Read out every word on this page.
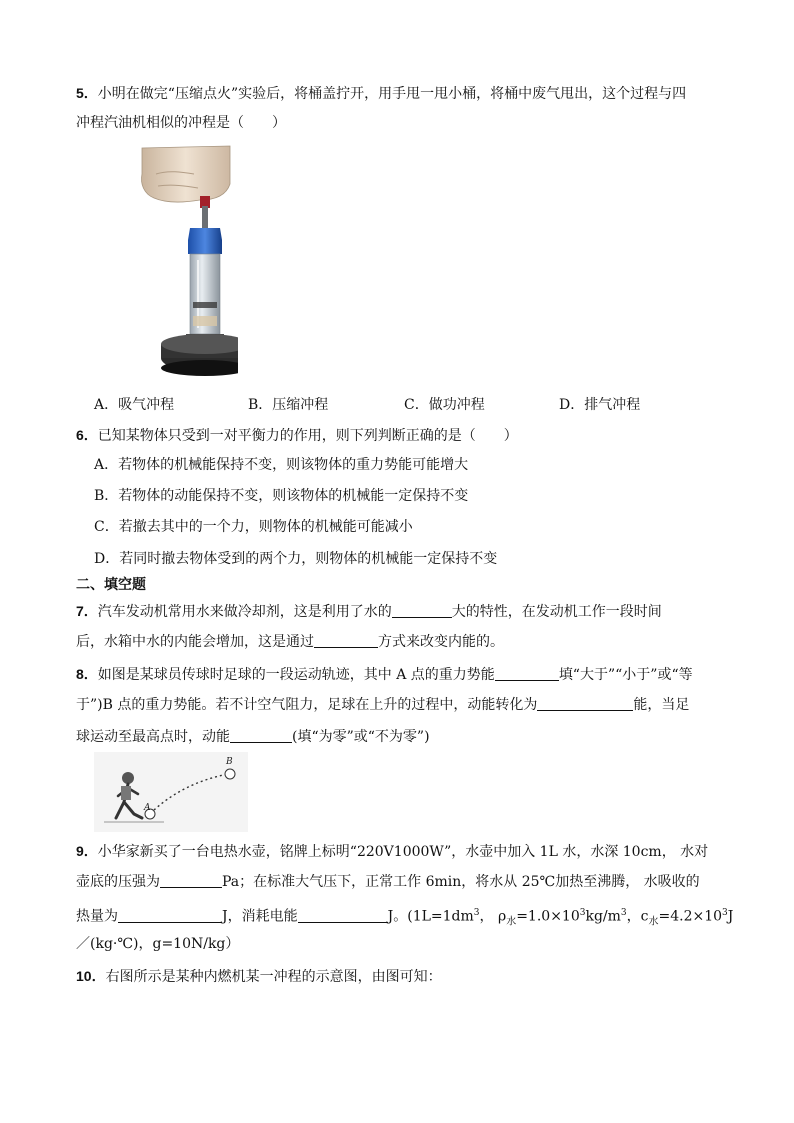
5．小明在做完“压缩点火”实验后，将桶盖拧开，用手甩一甩小桶，将桶中废气甩出，这个过程与四
冲程汽油机相似的冲程是（　　）
A．吸气冲程	B．压缩冲程	C．做功冲程	D．排气冲程
6．已知某物体只受到一对平衡力的作用，则下列判断正确的是（　　）
A．若物体的机械能保持不变，则该物体的重力势能可能增大
B．若物体的动能保持不变，则该物体的机械能一定保持不变
C．若撤去其中的一个力，则物体的机械能可能减小
D．若同时撤去物体受到的两个力，则物体的机械能一定保持不变
二、填空题
7．汽车发动机常用水来做冷却剂，这是利用了水的	大的特性，在发动机工作一段时间
后，水箱中水的内能会增加，这是通过	方式来改变内能的。
8．如图是某球员传球时足球的一段运动轨迹，其中 A 点的重力势能	填“大于”“小于”或“等
于”)B 点的重力势能。若不计空气阻力，足球在上升的过程中，动能转化为	能，当足
球运动至最高点时，动能	(填“为零”或“不为零”)
A
B
9．小华家新买了一台电热水壶，铭牌上标明“220V1000W”，水壶中加入 1L 水，水深 10cm， 水对
壶底的压强为	Pa；在标准大气压下，正常工作 6min，将水从 25℃加热至沸腾， 水吸收的
热量为	J，消耗电能	J。($1L=1dm^3$， $\rho_水=1.0\times 10^3kg/m^3$，$c_水=4.2\times 10^3J$
／(kg·℃)，g=10N/kg）
10．右图所示是某种内燃机某一冲程的示意图，由图可知：
